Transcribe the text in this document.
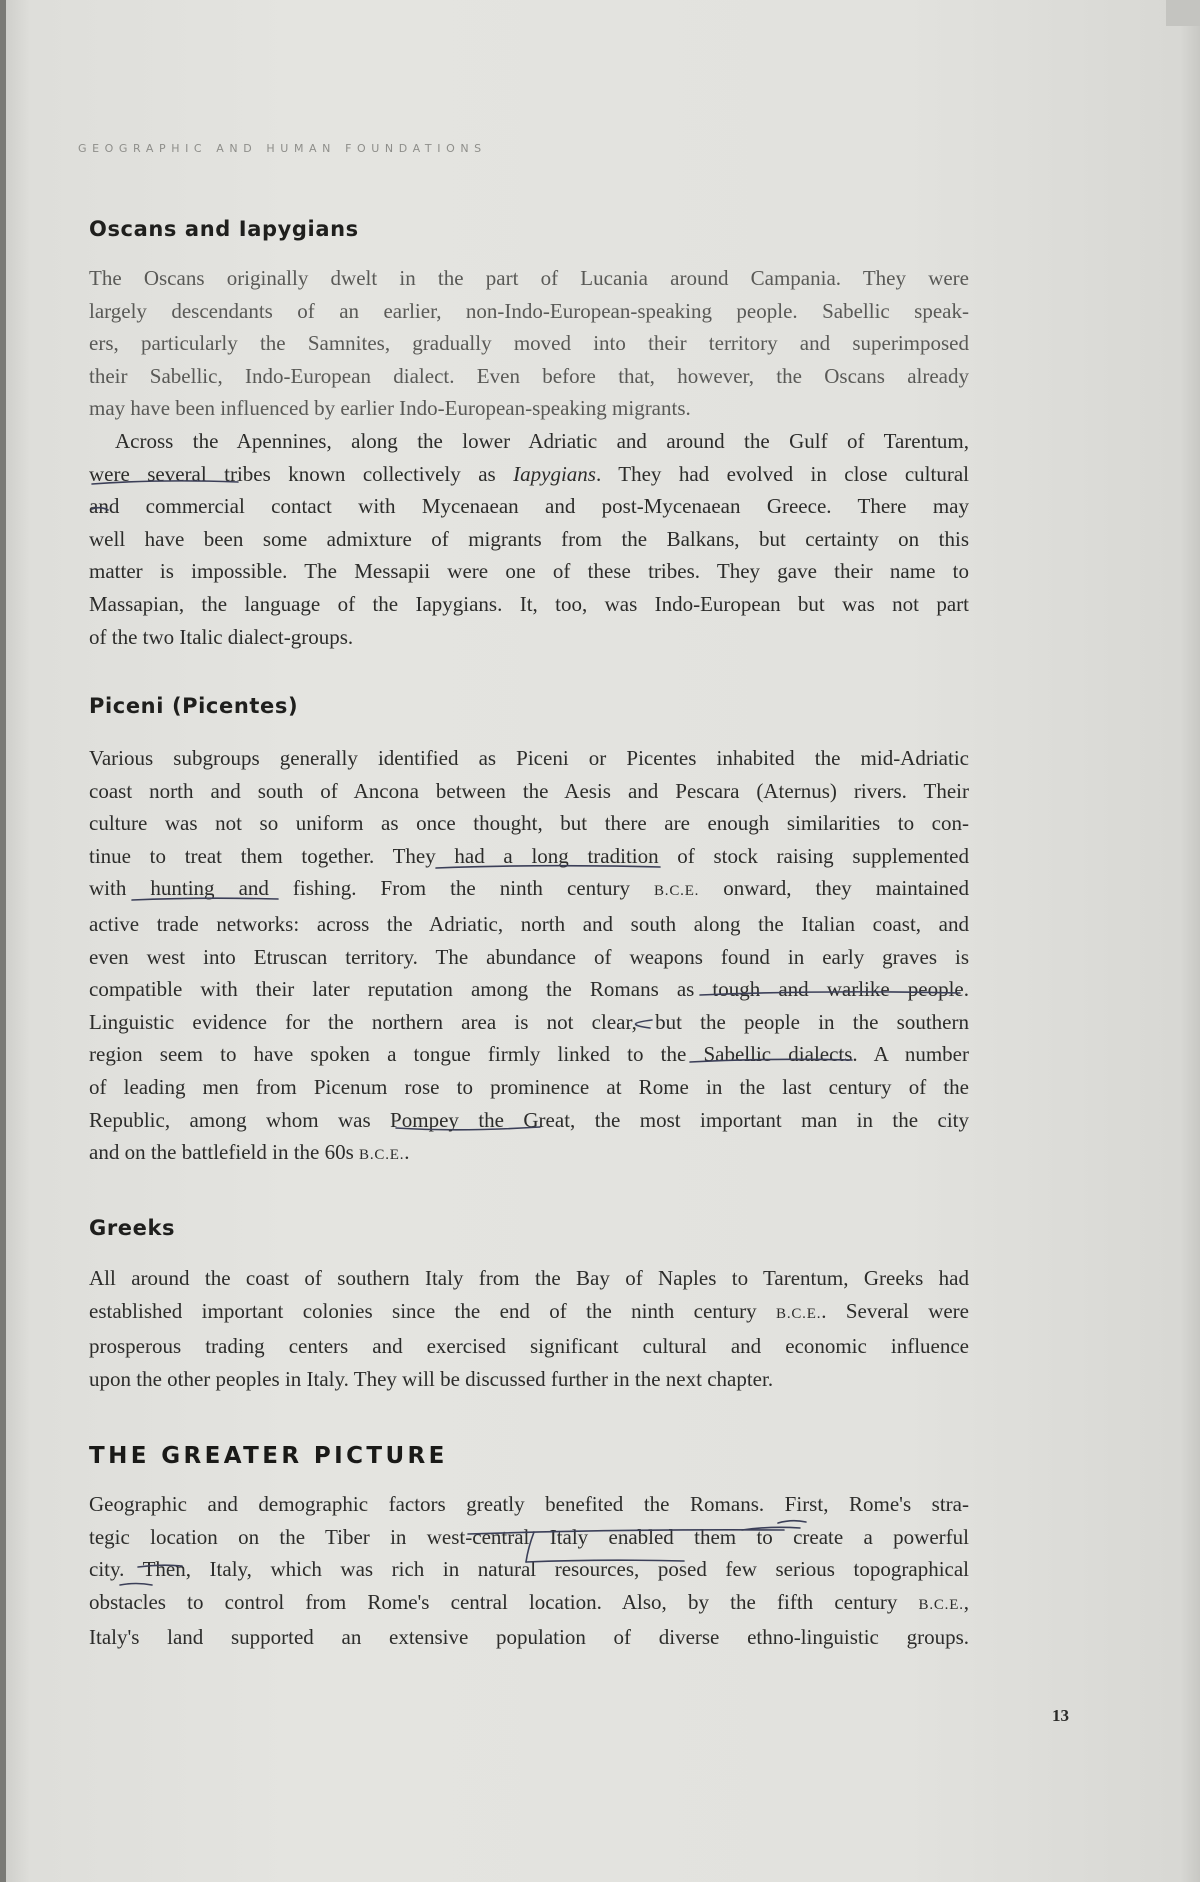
GEOGRAPHIC AND HUMAN FOUNDATIONS
Oscans and Iapygians

The Oscans originally dwelt in the part of Lucania around Campania. They were
largely descendants of an earlier, non-Indo-European-speaking people. Sabellic speak-
ers, particularly the Samnites, gradually moved into their territory and superimposed
their Sabellic, Indo-European dialect. Even before that, however, the Oscans already
may have been influenced by earlier Indo-European-speaking migrants.

Across the Apennines, along the lower Adriatic and around the Gulf of Tarentum,
were several tribes known collectively as Iapygians. They had evolved in close cultural
and commercial contact with Mycenaean and post-Mycenaean Greece. There may
well have been some admixture of migrants from the Balkans, but certainty on this
matter is impossible. The Messapii were one of these tribes. They gave their name to
Massapian, the language of the Iapygians. It, too, was Indo-European but was not part
of the two Italic dialect-groups.

Piceni (Picentes)

Various subgroups generally identified as Piceni or Picentes inhabited the mid-Adriatic
coast north and south of Ancona between the Aesis and Pescara (Aternus) rivers. Their
culture was not so uniform as once thought, but there are enough similarities to con-
tinue to treat them together. They had a long tradition of stock raising supplemented
with hunting and fishing. From the ninth century B.C.E. onward, they maintained
active trade networks: across the Adriatic, north and south along the Italian coast, and
even west into Etruscan territory. The abundance of weapons found in early graves is
compatible with their later reputation among the Romans as tough and warlike people.
Linguistic evidence for the northern area is not clear, but the people in the southern
region seem to have spoken a tongue firmly linked to the Sabellic dialects. A number
of leading men from Picenum rose to prominence at Rome in the last century of the
Republic, among whom was Pompey the Great, the most important man in the city
and on the battlefield in the 60s B.C.E..

Greeks

All around the coast of southern Italy from the Bay of Naples to Tarentum, Greeks had
established important colonies since the end of the ninth century B.C.E.. Several were
prosperous trading centers and exercised significant cultural and economic influence
upon the other peoples in Italy. They will be discussed further in the next chapter.

THE GREATER PICTURE

Geographic and demographic factors greatly benefited the Romans. First, Rome's stra-
tegic location on the Tiber in west-central Italy enabled them to create a powerful
city. Then, Italy, which was rich in natural resources, posed few serious topographical
obstacles to control from Rome's central location. Also, by the fifth century B.C.E.,
Italy's land supported an extensive population of diverse ethno-linguistic groups.

13
